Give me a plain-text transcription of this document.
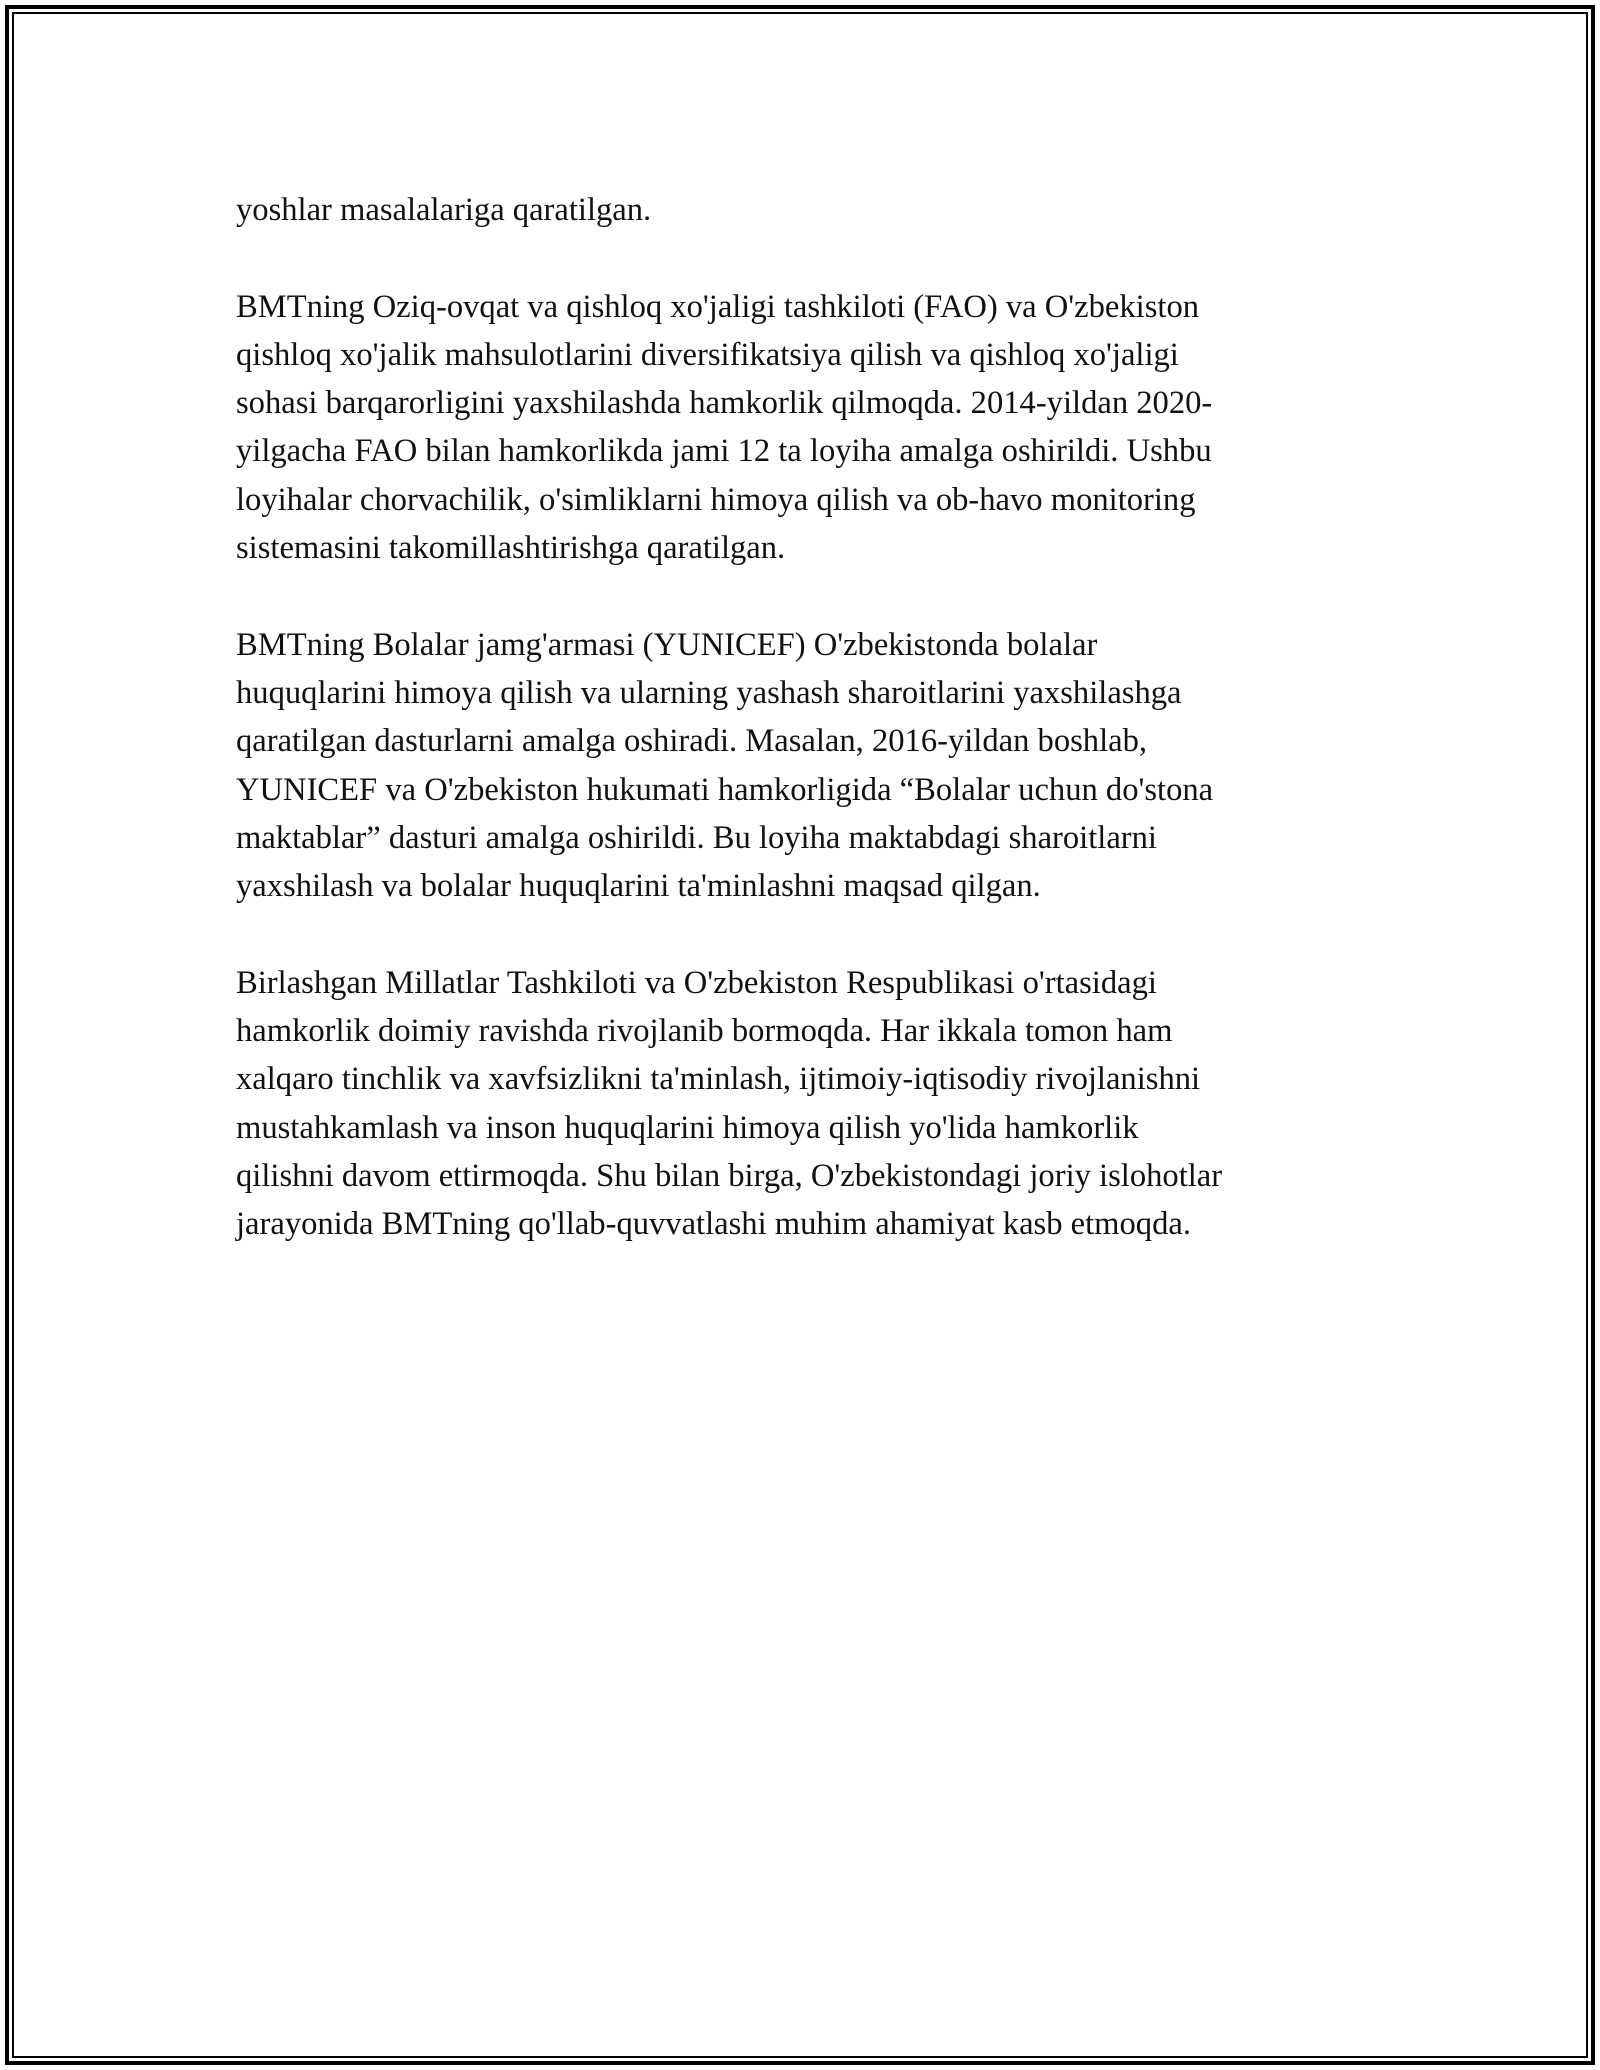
yoshlar masalalariga qaratilgan.

BMTning Oziq-ovqat va qishloq xo'jaligi tashkiloti (FAO) va O'zbekiston
qishloq xo'jalik mahsulotlarini diversifikatsiya qilish va qishloq xo'jaligi
sohasi barqarorligini yaxshilashda hamkorlik qilmoqda. 2014-yildan 2020-
yilgacha FAO bilan hamkorlikda jami 12 ta loyiha amalga oshirildi. Ushbu
loyihalar chorvachilik, o'simliklarni himoya qilish va ob-havo monitoring
sistemasini takomillashtirishga qaratilgan.

BMTning Bolalar jamg'armasi (YUNICEF) O'zbekistonda bolalar
huquqlarini himoya qilish va ularning yashash sharoitlarini yaxshilashga
qaratilgan dasturlarni amalga oshiradi. Masalan, 2016-yildan boshlab,
YUNICEF va O'zbekiston hukumati hamkorligida “Bolalar uchun do'stona
maktablar” dasturi amalga oshirildi. Bu loyiha maktabdagi sharoitlarni
yaxshilash va bolalar huquqlarini ta'minlashni maqsad qilgan.

Birlashgan Millatlar Tashkiloti va O'zbekiston Respublikasi o'rtasidagi
hamkorlik doimiy ravishda rivojlanib bormoqda. Har ikkala tomon ham
xalqaro tinchlik va xavfsizlikni ta'minlash, ijtimoiy-iqtisodiy rivojlanishni
mustahkamlash va inson huquqlarini himoya qilish yo'lida hamkorlik
qilishni davom ettirmoqda. Shu bilan birga, O'zbekistondagi joriy islohotlar
jarayonida BMTning qo'llab-quvvatlashi muhim ahamiyat kasb etmoqda.
